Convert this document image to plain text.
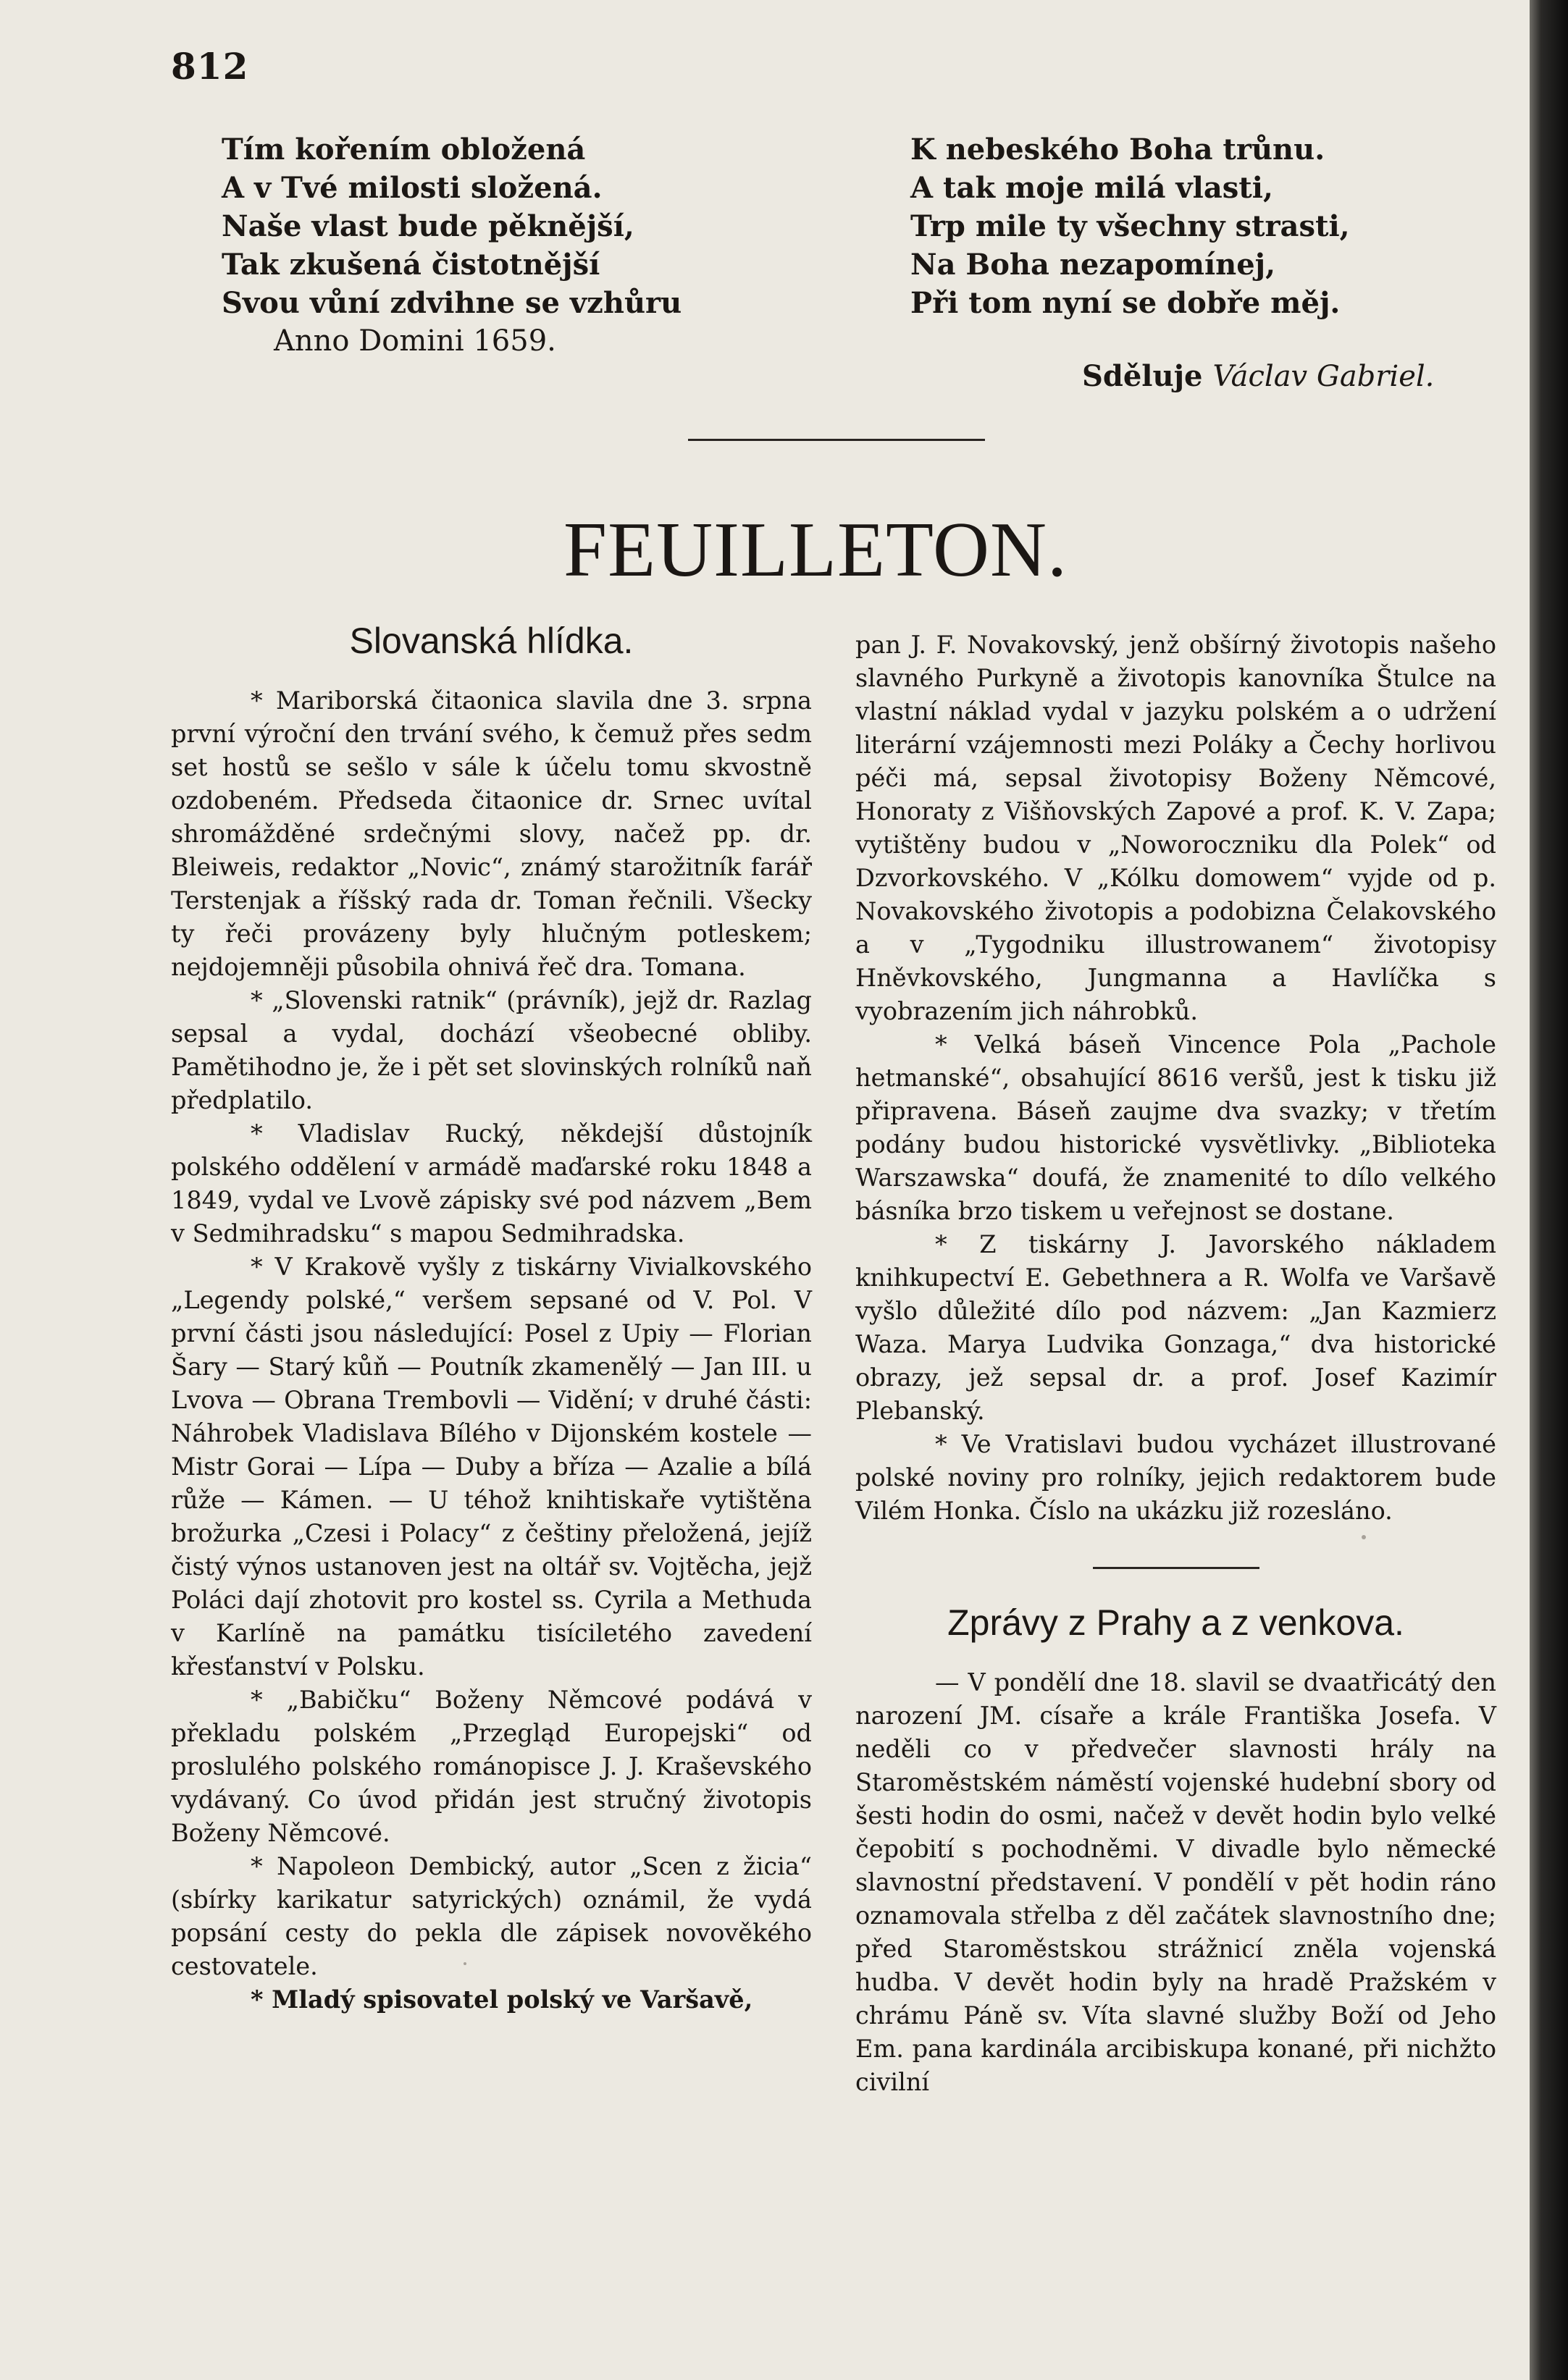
812
Tím kořením obložená
A v Tvé milosti složená.
Naše vlast bude pěknější,
Tak zkušená čistotnější
Svou vůní zdvihne se vzhůru
Anno Domini 1659.
K nebeského Boha trůnu.
A tak moje milá vlasti,
Trp mile ty všechny strasti,
Na Boha nezapomínej,
Při tom nyní se dobře měj.
Sděluje Václav Gabriel.
FEUILLETON.
Slovanská hlídka.

* Mariborská čitaonica slavila dne 3. srpna první výroční den trvání svého, k čemuž přes sedm set hostů se sešlo v sále k účelu tomu skvostně ozdobeném. Předseda čitaonice dr. Srnec uvítal shromážděné srdečnými slovy, načež pp. dr. Bleiweis, redaktor „Novic“, známý starožitník farář Terstenjak a říšský rada dr. Toman řečnili. Všecky ty řeči provázeny byly hlučným potleskem; nejdojemněji působila ohnivá řeč dra. Tomana.

* „Slovenski ratnik“ (právník), jejž dr. Razlag sepsal a vydal, dochází všeobecné obliby. Pamětihodno je, že i pět set slovinských rolníků naň předplatilo.

* Vladislav Rucký, někdejší důstojník polského oddělení v armádě maďarské roku 1848 a 1849, vydal ve Lvově zápisky své pod názvem „Bem v Sedmihradsku“ s mapou Sedmihradska.

* V Krakově vyšly z tiskárny Vivialkovského „Legendy polské,“ veršem sepsané od V. Pol. V první části jsou následující: Posel z Upiy — Florian Šary — Starý kůň — Poutník zkamenělý — Jan III. u Lvova — Obrana Trembovli — Vidění; v druhé části: Náhrobek Vladislava Bílého v Dijonském kostele — Mistr Gorai — Lípa — Duby a bříza — Azalie a bílá růže — Kámen. — U téhož knihtiskaře vytištěna brožurka „Czesi i Polacy“ z češtiny přeložená, jejíž čistý výnos ustanoven jest na oltář sv. Vojtěcha, jejž Poláci dají zhotovit pro kostel ss. Cyrila a Methuda v Karlíně na památku tisíciletého zavedení křesťanství v Polsku.

* „Babičku“ Boženy Němcové podává v překladu polském „Przegląd Europejski“ od proslulého polského románopisce J. J. Kraševského vydávaný. Co úvod přidán jest stručný životopis Boženy Němcové.

* Napoleon Dembický, autor „Scen z žicia“ (sbírky karikatur satyrických) oznámil, že vydá popsání cesty do pekla dle zápisek novověkého cestovatele.

* Mladý spisovatel polský ve Varšavě,

pan J. F. Novakovský, jenž obšírný životopis našeho slavného Purkyně a životopis kanovníka Štulce na vlastní náklad vydal v jazyku polském a o udržení literární vzájemnosti mezi Poláky a Čechy horlivou péči má, sepsal životopisy Boženy Němcové, Honoraty z Višňovských Zapové a prof. K. V. Zapa; vytištěny budou v „Noworoczniku dla Polek“ od Dzvorkovského. V „Kólku domowem“ vyjde od p. Novakovského životopis a podobizna Čelakovského a v „Tygodniku illustrowanem“ životopisy Hněvkovského, Jungmanna a Havlíčka s vyobrazením jich náhrobků.

* Velká báseň Vincence Pola „Pachole hetmanské“, obsahující 8616 veršů, jest k tisku již připravena. Báseň zaujme dva svazky; v třetím podány budou historické vysvětlivky. „Biblioteka Warszawska“ doufá, že znamenité to dílo velkého básníka brzo tiskem u veřejnost se dostane.

* Z tiskárny J. Javorského nákladem knihkupectví E. Gebethnera a R. Wolfa ve Varšavě vyšlo důležité dílo pod názvem: „Jan Kazmierz Waza. Marya Ludvika Gonzaga,“ dva historické obrazy, jež sepsal dr. a prof. Josef Kazimír Plebanský.

* Ve Vratislavi budou vycházet illustrované polské noviny pro rolníky, jejich redaktorem bude Vilém Honka. Číslo na ukázku již rozesláno.

Zprávy z Prahy a z venkova.

— V pondělí dne 18. slavil se dvaatřicátý den narození JM. císaře a krále Františka Josefa. V neděli co v předvečer slavnosti hrály na Staroměstském náměstí vojenské hudební sbory od šesti hodin do osmi, načež v devět hodin bylo velké čepobití s pochodněmi. V divadle bylo německé slavnostní představení. V pondělí v pět hodin ráno oznamovala střelba z děl začátek slavnostního dne; před Staroměstskou strážnicí zněla vojenská hudba. V devět hodin byly na hradě Pražském v chrámu Páně sv. Víta slavné služby Boží od Jeho Em. pana kardinála arcibiskupa konané, při nichžto civilní
